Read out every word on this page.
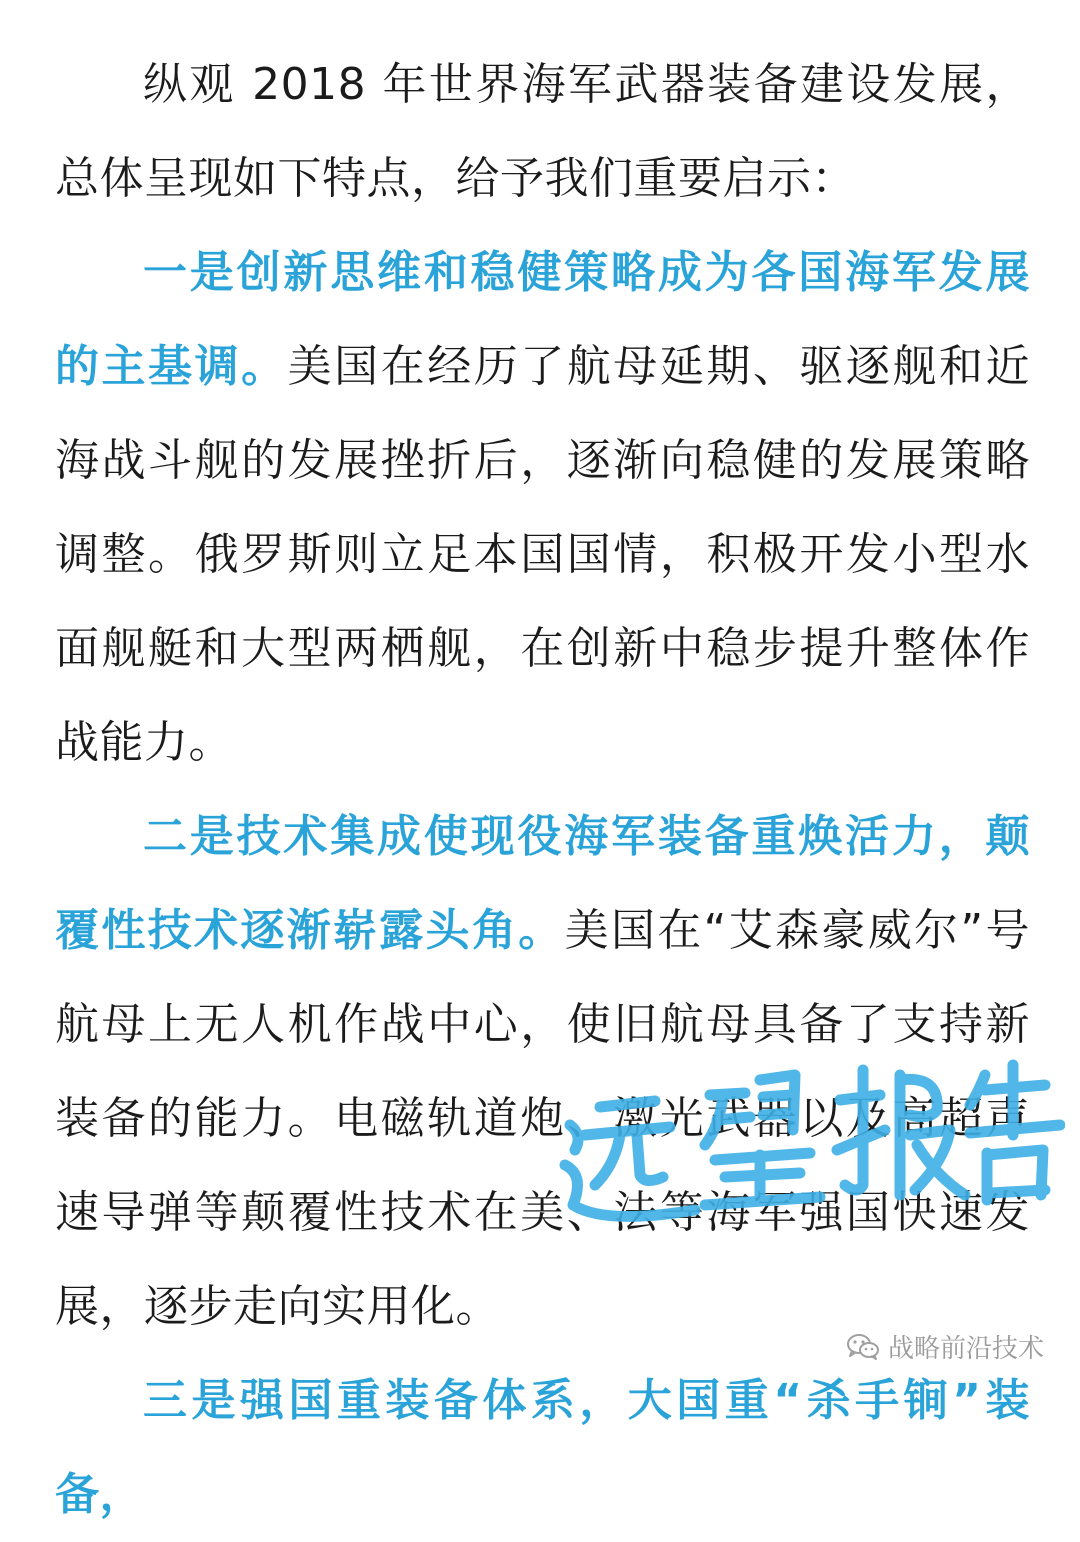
纵观 2018 年世界海军武器装备建设发展，总体呈现如下特点，给予我们重要启示：

一是创新思维和稳健策略成为各国海军发展的主基调。美国在经历了航母延期、驱逐舰和近海战斗舰的发展挫折后，逐渐向稳健的发展策略调整。俄罗斯则立足本国国情，积极开发小型水面舰艇和大型两栖舰，在创新中稳步提升整体作战能力。

二是技术集成使现役海军装备重焕活力，颠覆性技术逐渐崭露头角。美国在“艾森豪威尔”号航母上无人机作战中心，使旧航母具备了支持新装备的能力。电磁轨道炮、激光武器以及高超声速导弹等颠覆性技术在美、法等海军强国快速发展，逐步走向实用化。

三是强国重装备体系，大国重“杀手锏”装备，

战略前沿技术
